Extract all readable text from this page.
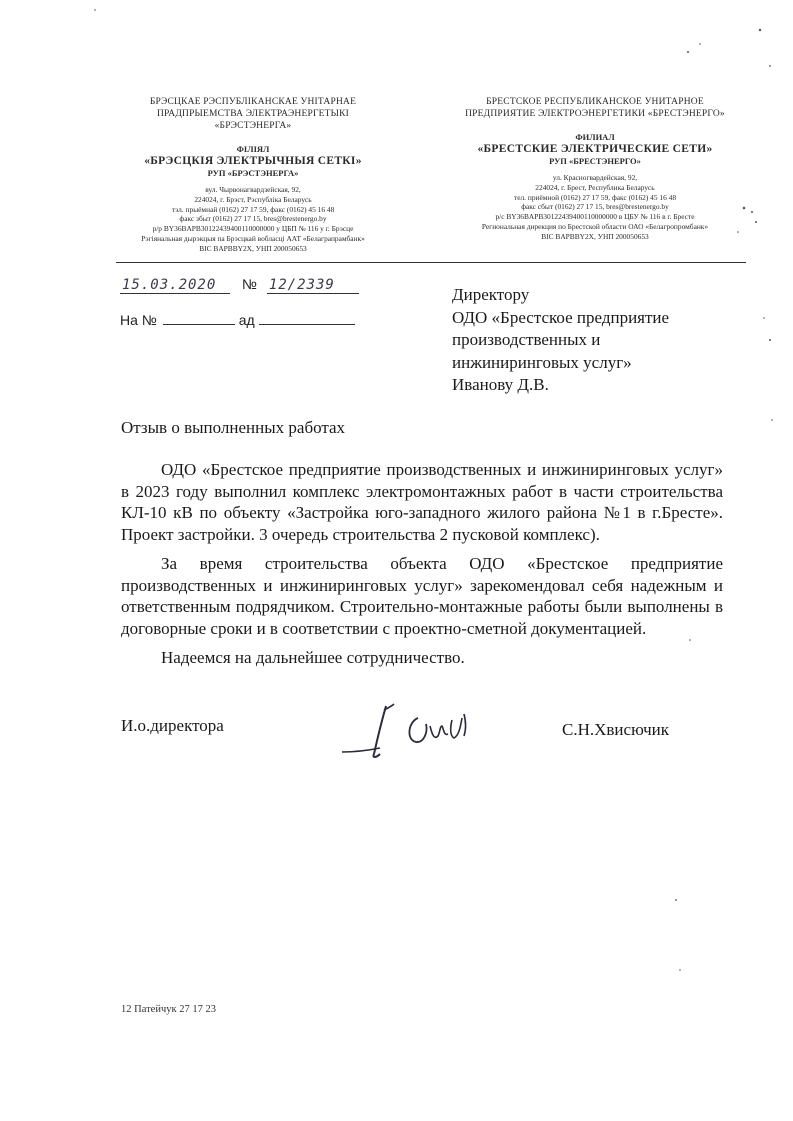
БРЭСЦКАЕ РЭСПУБЛІКАНСКАЕ УНІТАРНАЕ ПРАДПРЫЕМСТВА ЭЛЕКТРАЭНЕРГЕТЫКІ «БРЭСТЭНЕРГА»
ФІЛІЯЛ
«БРЭСЦКІЯ ЭЛЕКТРЫЧНЫЯ СЕТКІ»
РУП «БРЭСТЭНЕРГА»
вул. Чырвонагвардзейская, 92,
224024, г. Брэст, Рэспубліка Беларусь
тэл. прыёмнай (0162) 27 17 59, факс (0162) 45 16 48
факс збыт (0162) 27 17 15, bres@brestenergo.by
р/р BY36BAPB30122439400110000000 у ЦБП № 116 у г. Брэсце
Рэгіянальная дырэкцыя па Брэсцкай вобласці ААТ «Белаграпрамбанк»
BIC BAPBBY2X, УНП 200050653
БРЕСТСКОЕ РЕСПУБЛИКАНСКОЕ УНИТАРНОЕ ПРЕДПРИЯТИЕ ЭЛЕКТРОЭНЕРГЕТИКИ «БРЕСТЭНЕРГО»
ФИЛИАЛ
«БРЕСТСКИЕ ЭЛЕКТРИЧЕСКИЕ СЕТИ»
РУП «БРЕСТЭНЕРГО»
ул. Красногвардейская, 92,
224024, г. Брест, Республика Беларусь
тел. приёмной (0162) 27 17 59, факс (0162) 45 16 48
факс сбыт (0162) 27 17 15, bres@brestenergo.by
р/с BY36BAPB30122439400110000000 в ЦБУ № 116 в г. Бресте
Региональная дирекция по Брестской области ОАО «Белагропромбанк»
BIC BAPBBY2X, УНП 200050653
15.03.2020 № 12/2339
На №	ад
Директору
ОДО «Брестское предприятие
производственных и
инжиниринговых услуг»
Иванову Д.В.
Отзыв о выполненных работах

ОДО «Брестское предприятие производственных и инжиниринговых услуг» в 2023 году выполнил комплекс электромонтажных работ в части строительства КЛ-10 кВ по объекту «Застройка юго-западного жилого района №1 в г.Бресте». Проект застройки. 3 очередь строительства 2 пусковой комплекс).

За время строительства объекта ОДО «Брестское предприятие производственных и инжиниринговых услуг» зарекомендовал себя надежным и ответственным подрядчиком. Строительно-монтажные работы были выполнены в договорные сроки и в соответствии с проектно-сметной документацией.

Надеемся на дальнейшее сотрудничество.

И.о.директора	С.Н.Хвисючик
12 Патейчук 27 17 23
